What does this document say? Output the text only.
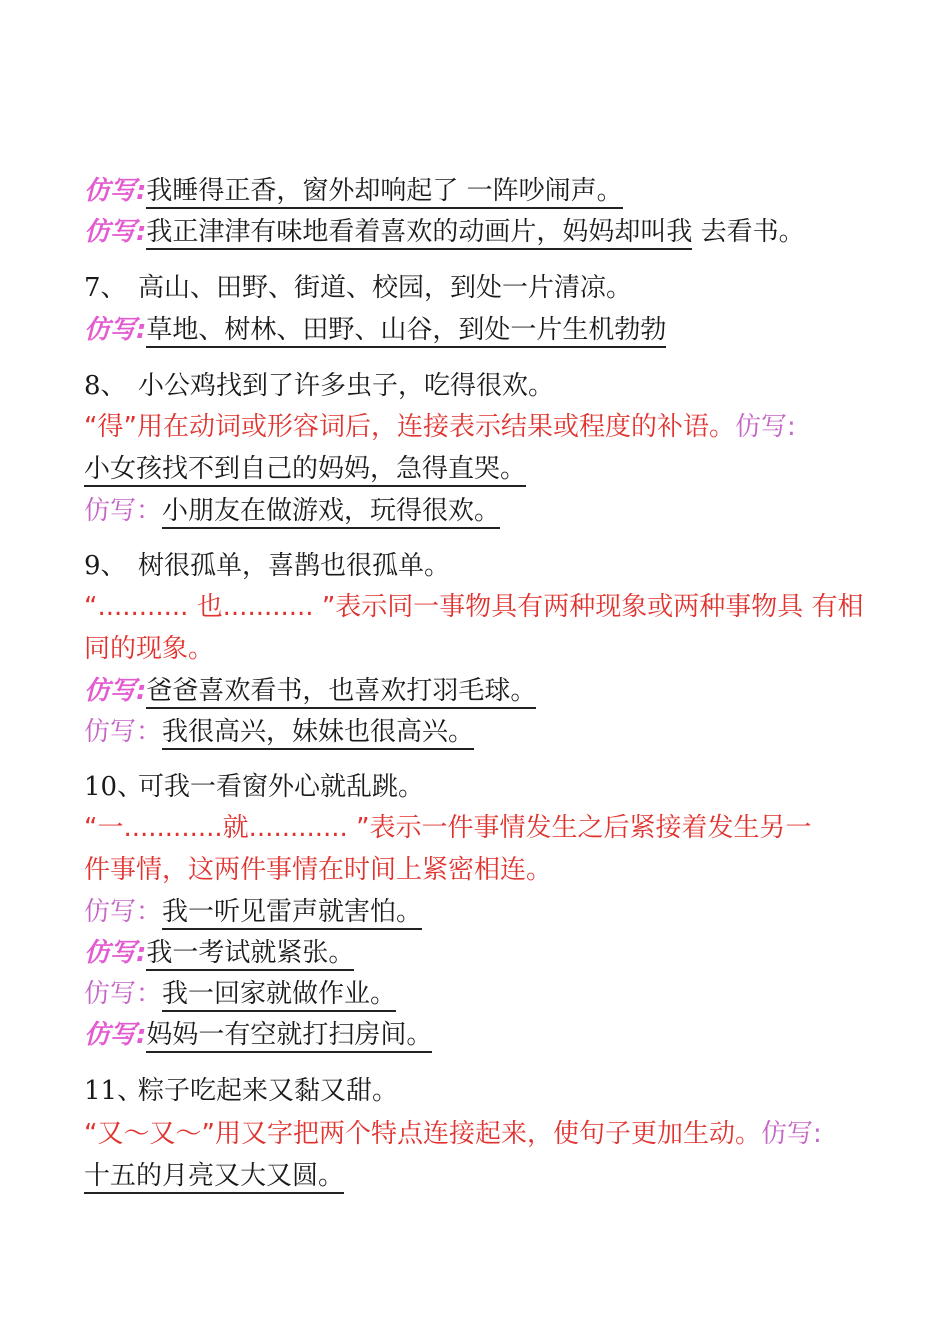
仿写:我睡得正香，窗外却响起了 一阵吵闹声。
仿写:我正津津有味地看着喜欢的动画片，妈妈却叫我 去看书。
7、 高山、田野、街道、校园，到处一片清凉。
仿写:草地、树林、田野、山谷，到处一片生机勃勃
8、 小公鸡找到了许多虫子，吃得很欢。
“得”用在动词或形容词后，连接表示结果或程度的补语。仿写:
小女孩找不到自己的妈妈，急得直哭。
仿写：小朋友在做游戏，玩得很欢。
9、 树很孤单，喜鹊也很孤单。
“........... 也........... ”表示同一事物具有两种现象或两种事物具 有相
同的现象。
仿写:爸爸喜欢看书，也喜欢打羽毛球。
仿写：我很高兴，妹妹也很高兴。
10、可我一看窗外心就乱跳。
“一............就............ ”表示一件事情发生之后紧接着发生另一
件事情，这两件事情在时间上紧密相连。
仿写：我一听见雷声就害怕。
仿写:我一考试就紧张。
仿写：我一回家就做作业。
仿写:妈妈一有空就打扫房间。
11、粽子吃起来又黏又甜。
“又～又～”用又字把两个特点连接起来，使句子更加生动。仿写:
十五的月亮又大又圆。
